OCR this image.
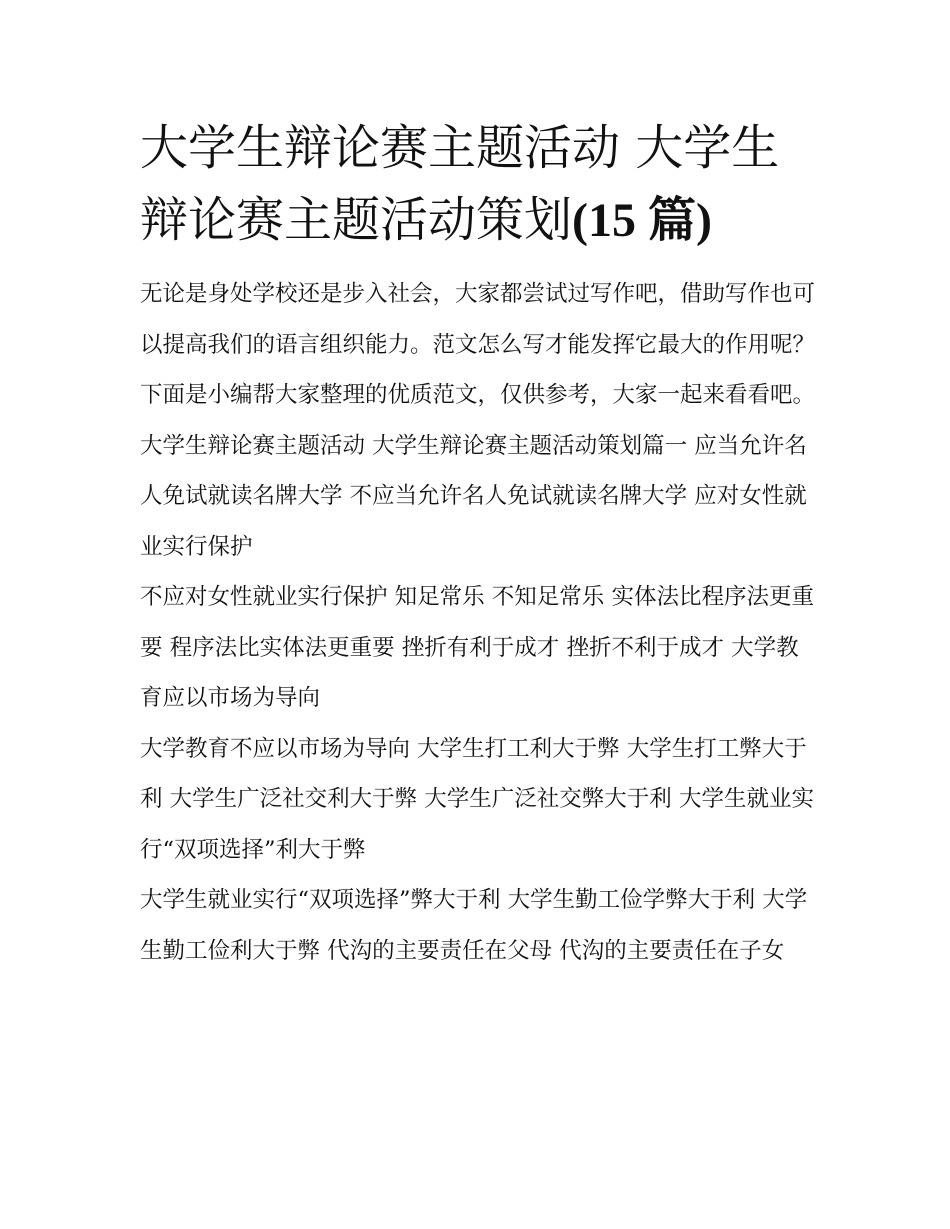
大学生辩论赛主题活动 大学生辩论赛主题活动策划(15 篇)

无论是身处学校还是步入社会，大家都尝试过写作吧，借助写作也可以提高我们的语言组织能力。范文怎么写才能发挥它最大的作用呢？下面是小编帮大家整理的优质范文，仅供参考，大家一起来看看吧。

大学生辩论赛主题活动 大学生辩论赛主题活动策划篇一 应当允许名人免试就读名牌大学 不应当允许名人免试就读名牌大学 应对女性就业实行保护

不应对女性就业实行保护 知足常乐 不知足常乐 实体法比程序法更重要 程序法比实体法更重要 挫折有利于成才 挫折不利于成才 大学教育应以市场为导向

大学教育不应以市场为导向 大学生打工利大于弊 大学生打工弊大于利 大学生广泛社交利大于弊 大学生广泛社交弊大于利 大学生就业实行“双项选择”利大于弊

大学生就业实行“双项选择”弊大于利 大学生勤工俭学弊大于利 大学生勤工俭利大于弊 代沟的主要责任在父母 代沟的主要责任在子女
